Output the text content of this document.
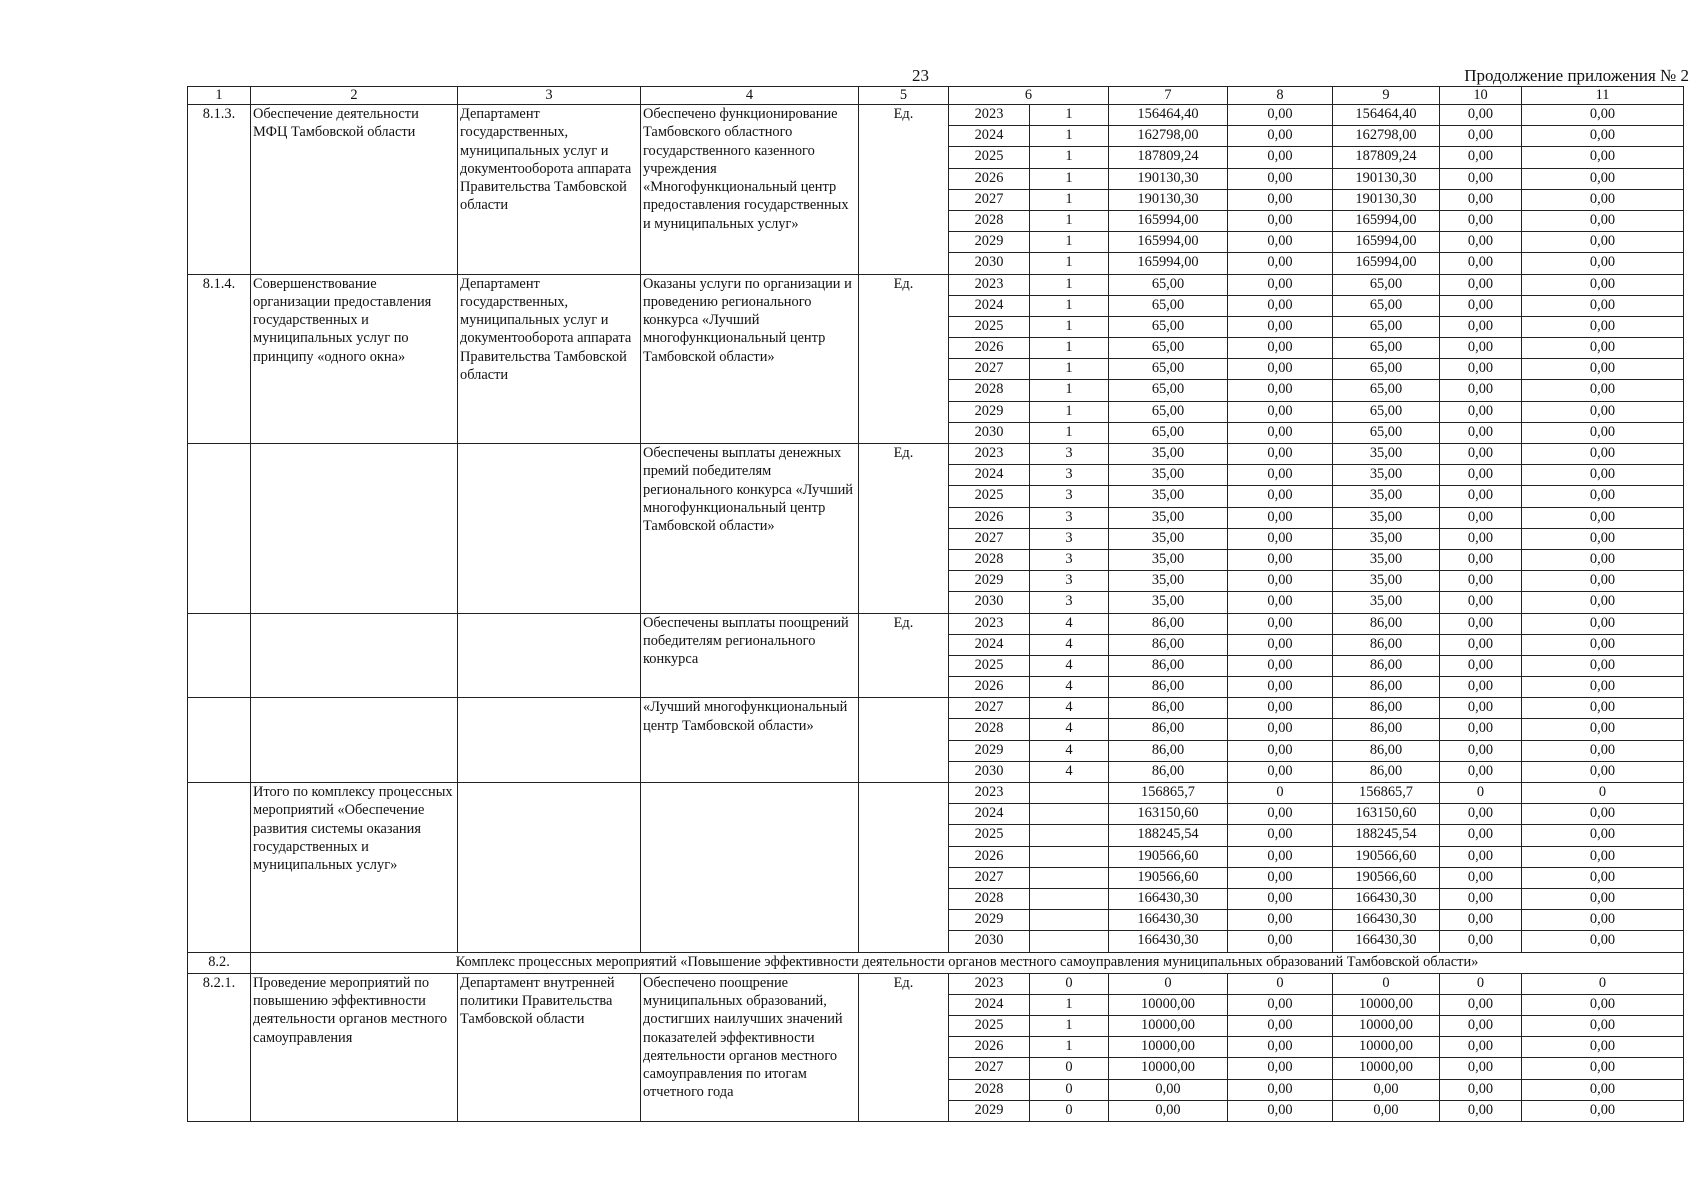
23	Продолжение приложения № 2
1	2	3	4	5	6		7	8	9	10	11
8.1.3.	Обеспечение деятельности МФЦ Тамбовской области	Департамент государственных, муниципальных услуг и документооборота аппарата Правительства Тамбовской области	Обеспечено функционирование Тамбовского областного государственного казенного учреждения «Многофункциональный центр предоставления государственных и муниципальных услуг»	Ед.	2023	1	156464,40	0,00	156464,40	0,00	0,00
					2024	1	162798,00	0,00	162798,00	0,00	0,00
					2025	1	187809,24	0,00	187809,24	0,00	0,00
					2026	1	190130,30	0,00	190130,30	0,00	0,00
					2027	1	190130,30	0,00	190130,30	0,00	0,00
					2028	1	165994,00	0,00	165994,00	0,00	0,00
					2029	1	165994,00	0,00	165994,00	0,00	0,00
					2030	1	165994,00	0,00	165994,00	0,00	0,00
8.1.4.	Совершенствование организации предоставления государственных и муниципальных услуг по принципу «одного окна»	Департамент государственных, муниципальных услуг и документооборота аппарата Правительства Тамбовской области	Оказаны услуги по организации и проведению регионального конкурса «Лучший многофункциональный центр Тамбовской области»	Ед.	2023	1	65,00	0,00	65,00	0,00	0,00
					2024	1	65,00	0,00	65,00	0,00	0,00
					2025	1	65,00	0,00	65,00	0,00	0,00
					2026	1	65,00	0,00	65,00	0,00	0,00
					2027	1	65,00	0,00	65,00	0,00	0,00
					2028	1	65,00	0,00	65,00	0,00	0,00
					2029	1	65,00	0,00	65,00	0,00	0,00
					2030	1	65,00	0,00	65,00	0,00	0,00
			Обеспечены выплаты денежных премий победителям регионального конкурса «Лучший многофункциональный центр Тамбовской области»	Ед.	2023	3	35,00	0,00	35,00	0,00	0,00
					2024	3	35,00	0,00	35,00	0,00	0,00
					2025	3	35,00	0,00	35,00	0,00	0,00
					2026	3	35,00	0,00	35,00	0,00	0,00
					2027	3	35,00	0,00	35,00	0,00	0,00
					2028	3	35,00	0,00	35,00	0,00	0,00
					2029	3	35,00	0,00	35,00	0,00	0,00
					2030	3	35,00	0,00	35,00	0,00	0,00
			Обеспечены выплаты поощрений победителям регионального конкурса	Ед.	2023	4	86,00	0,00	86,00	0,00	0,00
					2024	4	86,00	0,00	86,00	0,00	0,00
					2025	4	86,00	0,00	86,00	0,00	0,00
					2026	4	86,00	0,00	86,00	0,00	0,00
			«Лучший многофункциональный центр Тамбовской области»		2027	4	86,00	0,00	86,00	0,00	0,00
					2028	4	86,00	0,00	86,00	0,00	0,00
					2029	4	86,00	0,00	86,00	0,00	0,00
					2030	4	86,00	0,00	86,00	0,00	0,00
	Итого по комплексу процессных мероприятий «Обеспечение развития системы оказания государственных и муниципальных услуг»				2023		156865,7	0	156865,7	0	0
					2024		163150,60	0,00	163150,60	0,00	0,00
					2025		188245,54	0,00	188245,54	0,00	0,00
					2026		190566,60	0,00	190566,60	0,00	0,00
					2027		190566,60	0,00	190566,60	0,00	0,00
					2028		166430,30	0,00	166430,30	0,00	0,00
					2029		166430,30	0,00	166430,30	0,00	0,00
					2030		166430,30	0,00	166430,30	0,00	0,00
8.2.	Комплекс процессных мероприятий «Повышение эффективности деятельности органов местного самоуправления муниципальных образований Тамбовской области»										
8.2.1.	Проведение мероприятий по повышению эффективности деятельности органов местного самоуправления	Департамент внутренней политики Правительства Тамбовской области	Обеспечено поощрение муниципальных образований, достигших наилучших значений показателей эффективности деятельности органов местного самоуправления по итогам отчетного года	Ед.	2023	0	0	0	0	0	0
					2024	1	10000,00	0,00	10000,00	0,00	0,00
					2025	1	10000,00	0,00	10000,00	0,00	0,00
					2026	1	10000,00	0,00	10000,00	0,00	0,00
					2027	0	10000,00	0,00	10000,00	0,00	0,00
					2028	0	0,00	0,00	0,00	0,00	0,00
					2029	0	0,00	0,00	0,00	0,00	0,00
